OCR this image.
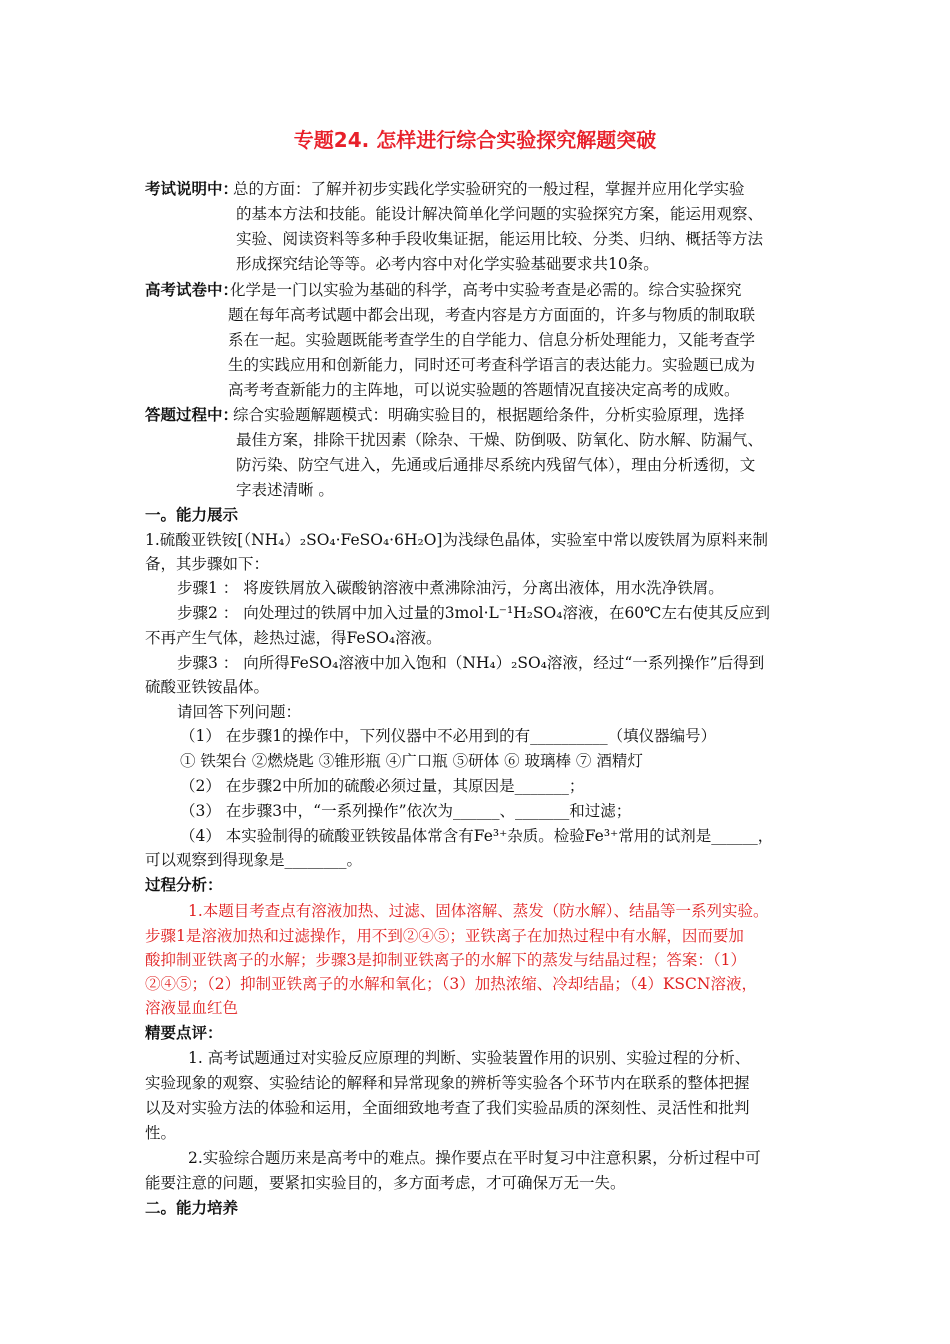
专题24. 怎样进行综合实验探究解题突破
考试说明中：
总的方面：了解并初步实践化学实验研究的一般过程，掌握并应用化学实验
的基本方法和技能。能设计解决简单化学问题的实验探究方案，能运用观察、
实验、阅读资料等多种手段收集证据，能运用比较、分类、归纳、概括等方法
形成探究结论等等。必考内容中对化学实验基础要求共10条。
高考试卷中：
化学是一门以实验为基础的科学，高考中实验考查是必需的。综合实验探究
题在每年高考试题中都会出现，考查内容是方方面面的，许多与物质的制取联
系在一起。实验题既能考查学生的自学能力、信息分析处理能力，又能考查学
生的实践应用和创新能力，同时还可考查科学语言的表达能力。实验题已成为
高考考查新能力的主阵地，可以说实验题的答题情况直接决定高考的成败。
答题过程中：
综合实验题解题模式：明确实验目的，根据题给条件，分析实验原理，选择
最佳方案，排除干扰因素（除杂、干燥、防倒吸、防氧化、防水解、防漏气、
防污染、防空气进入，先通或后通排尽系统内残留气体），理由分析透彻，文
字表述清晰 。
一。能力展示
1.硫酸亚铁铵[（NH₄）₂SO₄·FeSO₄·6H₂O]为浅绿色晶体，实验室中常以废铁屑为原料来制
备，其步骤如下：
步骤1 ： 将废铁屑放入碳酸钠溶液中煮沸除油污，分离出液体，用水洗净铁屑。
步骤2 ： 向处理过的铁屑中加入过量的3mol·L⁻¹H₂SO₄溶液，在60℃左右使其反应到
不再产生气体，趁热过滤，得FeSO₄溶液。
步骤3 ： 向所得FeSO₄溶液中加入饱和（NH₄）₂SO₄溶液，经过“一系列操作”后得到
硫酸亚铁铵晶体。
请回答下列问题：
（1） 在步骤1的操作中，下列仪器中不必用到的有__________（填仪器编号）
① 铁架台 ②燃烧匙 ③锥形瓶 ④广口瓶 ⑤研体 ⑥ 玻璃棒 ⑦ 酒精灯
（2） 在步骤2中所加的硫酸必须过量，其原因是_______；
（3） 在步骤3中，“一系列操作”依次为______、_______和过滤；
（4） 本实验制得的硫酸亚铁铵晶体常含有Fe³⁺杂质。检验Fe³⁺常用的试剂是______，
可以观察到得现象是________。
过程分析：
1.本题目考查点有溶液加热、过滤、固体溶解、蒸发（防水解）、结晶等一系列实验。
步骤1是溶液加热和过滤操作，用不到②④⑤；亚铁离子在加热过程中有水解，因而要加
酸抑制亚铁离子的水解；步骤3是抑制亚铁离子的水解下的蒸发与结晶过程；答案：（1）
②④⑤；（2）抑制亚铁离子的水解和氧化；（3）加热浓缩、冷却结晶；（4）KSCN溶液，
溶液显血红色
精要点评：
1. 高考试题通过对实验反应原理的判断、实验装置作用的识别、实验过程的分析、
实验现象的观察、实验结论的解释和异常现象的辨析等实验各个环节内在联系的整体把握
以及对实验方法的体验和运用，全面细致地考查了我们实验品质的深刻性、灵活性和批判
性。
2.实验综合题历来是高考中的难点。操作要点在平时复习中注意积累，分析过程中可
能要注意的问题，要紧扣实验目的，多方面考虑，才可确保万无一失。
二。能力培养
